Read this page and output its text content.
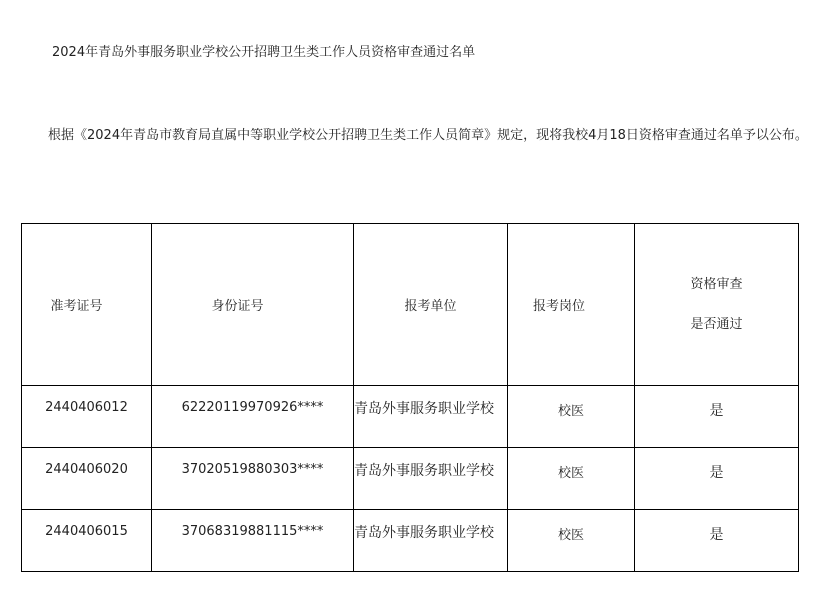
2024年青岛外事服务职业学校公开招聘卫生类工作人员资格审查通过名单

根据《2024年青岛市教育局直属中等职业学校公开招聘卫生类工作人员简章》规定，现将我校4月18日资格审查通过名单予以公布。

准考证号	身份证号	报考单位	报考岗位	资格审查
是否通过

2440406012	62220119970926****	青岛外事服务职业学校	校医	是
2440406020	37020519880303****	青岛外事服务职业学校	校医	是
2440406015	37068319881115****	青岛外事服务职业学校	校医	是
